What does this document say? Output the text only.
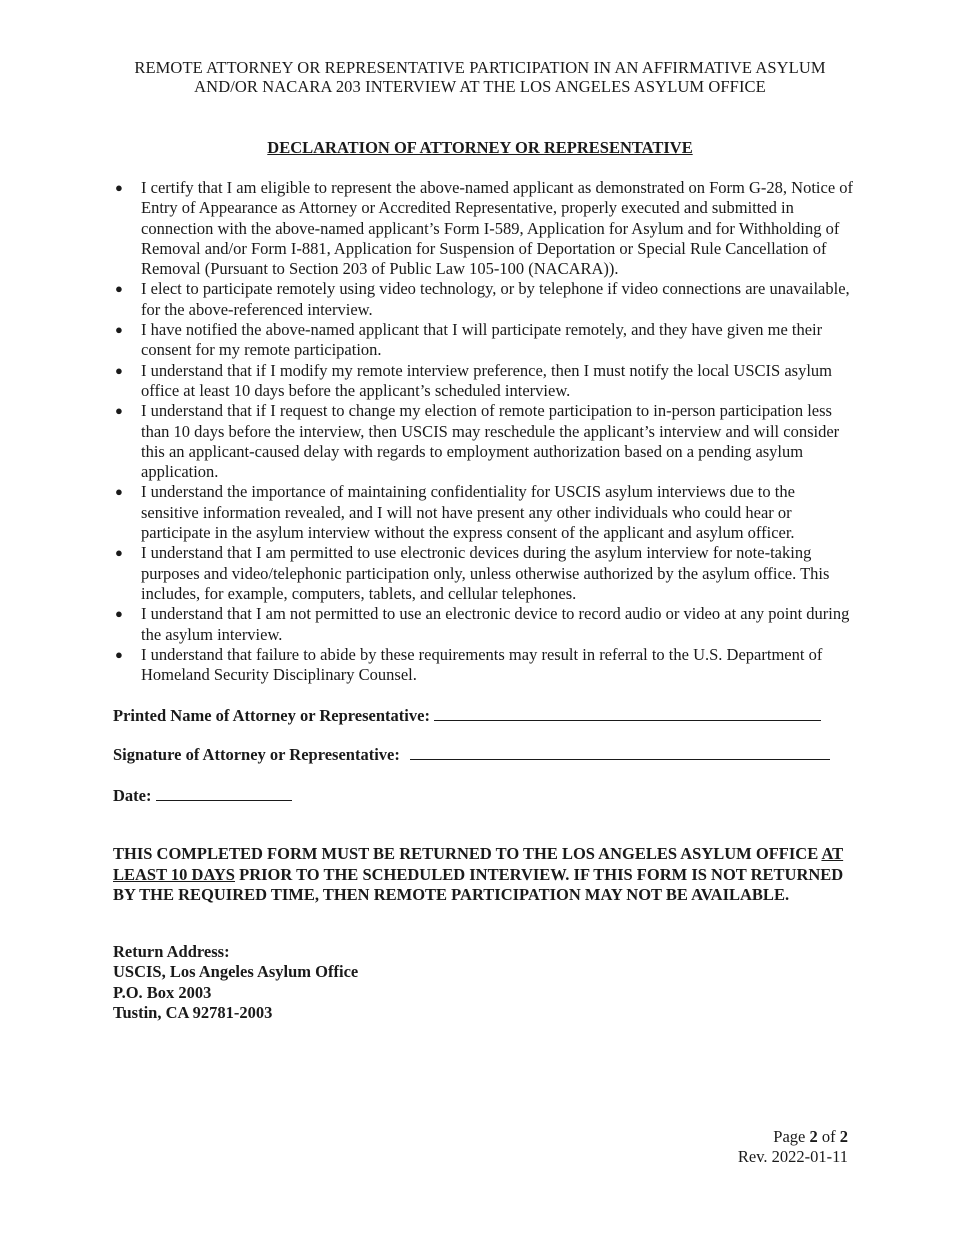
REMOTE ATTORNEY OR REPRESENTATIVE PARTICIPATION IN AN AFFIRMATIVE ASYLUM
AND/OR NACARA 203 INTERVIEW AT THE LOS ANGELES ASYLUM OFFICE
DECLARATION OF ATTORNEY OR REPRESENTATIVE
● I certify that I am eligible to represent the above-named applicant as demonstrated on Form G-28, Notice of Entry of Appearance as Attorney or Accredited Representative, properly executed and submitted in connection with the above-named applicant’s Form I-589, Application for Asylum and for Withholding of Removal and/or Form I-881, Application for Suspension of Deportation or Special Rule Cancellation of Removal (Pursuant to Section 203 of Public Law 105-100 (NACARA)).
● I elect to participate remotely using video technology, or by telephone if video connections are unavailable, for the above-referenced interview.
● I have notified the above-named applicant that I will participate remotely, and they have given me their consent for my remote participation.
● I understand that if I modify my remote interview preference, then I must notify the local USCIS asylum office at least 10 days before the applicant’s scheduled interview.
● I understand that if I request to change my election of remote participation to in-person participation less than 10 days before the interview, then USCIS may reschedule the applicant’s interview and will consider this an applicant-caused delay with regards to employment authorization based on a pending asylum application.
● I understand the importance of maintaining confidentiality for USCIS asylum interviews due to the sensitive information revealed, and I will not have present any other individuals who could hear or participate in the asylum interview without the express consent of the applicant and asylum officer.
● I understand that I am permitted to use electronic devices during the asylum interview for note-taking purposes and video/telephonic participation only, unless otherwise authorized by the asylum office. This includes, for example, computers, tablets, and cellular telephones.
● I understand that I am not permitted to use an electronic device to record audio or video at any point during the asylum interview.
● I understand that failure to abide by these requirements may result in referral to the U.S. Department of Homeland Security Disciplinary Counsel.
Printed Name of Attorney or Representative:
Signature of Attorney or Representative:
Date:
THIS COMPLETED FORM MUST BE RETURNED TO THE LOS ANGELES ASYLUM OFFICE AT LEAST 10 DAYS PRIOR TO THE SCHEDULED INTERVIEW. IF THIS FORM IS NOT RETURNED BY THE REQUIRED TIME, THEN REMOTE PARTICIPATION MAY NOT BE AVAILABLE.
Return Address:
USCIS, Los Angeles Asylum Office
P.O. Box 2003
Tustin, CA 92781-2003
Page 2 of 2
Rev. 2022-01-11
